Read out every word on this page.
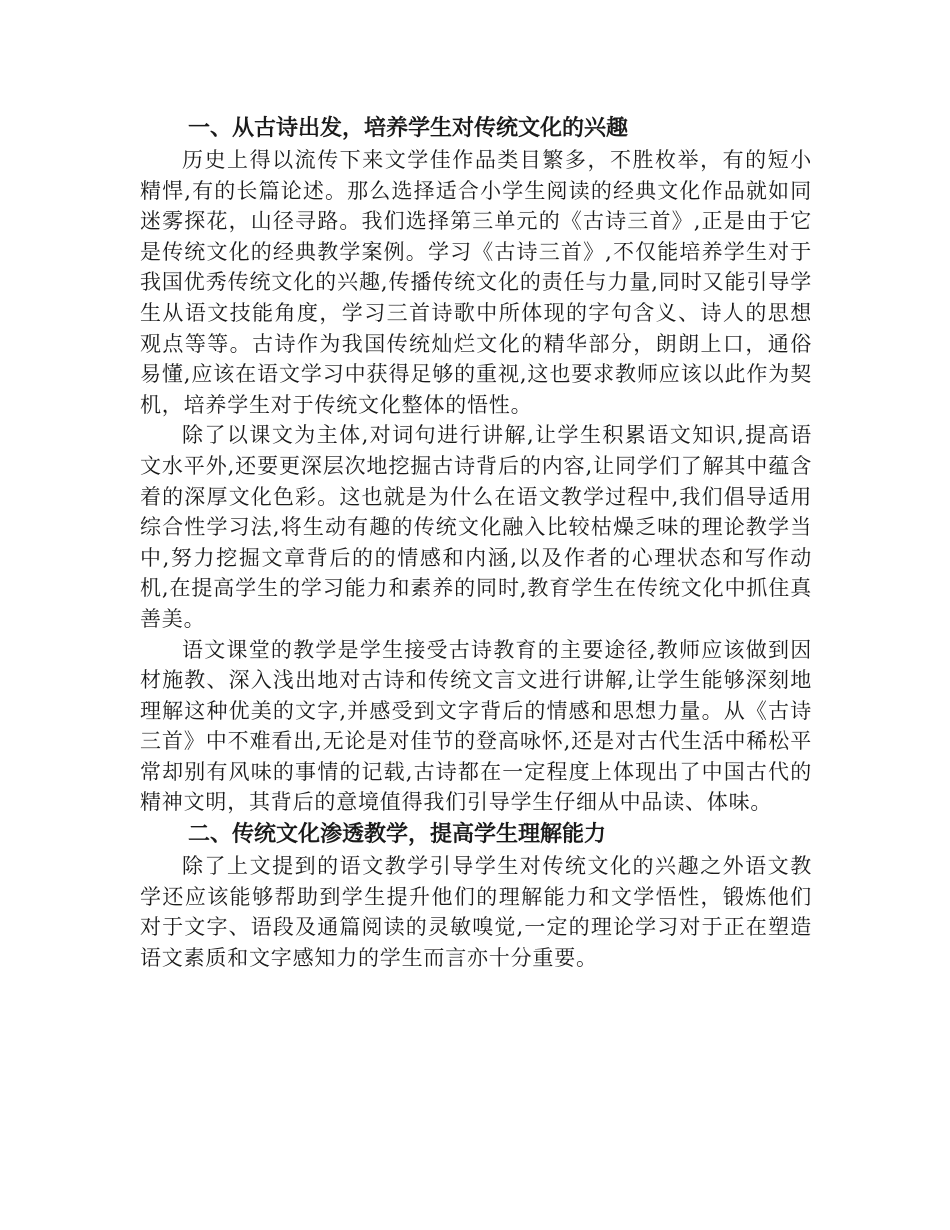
一、从古诗出发，培养学生对传统文化的兴趣

历史上得以流传下来文学佳作品类目繁多，不胜枚举，有的短小精悍,有的长篇论述。那么选择适合小学生阅读的经典文化作品就如同迷雾探花，山径寻路。我们选择第三单元的《古诗三首》,正是由于它是传统文化的经典教学案例。学习《古诗三首》,不仅能培养学生对于我国优秀传统文化的兴趣,传播传统文化的责任与力量,同时又能引导学生从语文技能角度，学习三首诗歌中所体现的字句含义、诗人的思想观点等等。古诗作为我国传统灿烂文化的精华部分，朗朗上口，通俗易懂,应该在语文学习中获得足够的重视,这也要求教师应该以此作为契机，培养学生对于传统文化整体的悟性。

除了以课文为主体,对词句进行讲解,让学生积累语文知识,提高语文水平外,还要更深层次地挖掘古诗背后的内容,让同学们了解其中蕴含着的深厚文化色彩。这也就是为什么在语文教学过程中,我们倡导适用综合性学习法,将生动有趣的传统文化融入比较枯燥乏味的理论教学当中,努力挖掘文章背后的的情感和内涵,以及作者的心理状态和写作动机,在提高学生的学习能力和素养的同时,教育学生在传统文化中抓住真善美。

语文课堂的教学是学生接受古诗教育的主要途径,教师应该做到因材施教、深入浅出地对古诗和传统文言文进行讲解,让学生能够深刻地理解这种优美的文字,并感受到文字背后的情感和思想力量。从《古诗三首》中不难看出,无论是对佳节的登高咏怀,还是对古代生活中稀松平常却别有风味的事情的记载,古诗都在一定程度上体现出了中国古代的精神文明，其背后的意境值得我们引导学生仔细从中品读、体味。

二、传统文化渗透教学，提高学生理解能力

除了上文提到的语文教学引导学生对传统文化的兴趣之外语文教学还应该能够帮助到学生提升他们的理解能力和文学悟性，锻炼他们对于文字、语段及通篇阅读的灵敏嗅觉,一定的理论学习对于正在塑造语文素质和文字感知力的学生而言亦十分重要。
